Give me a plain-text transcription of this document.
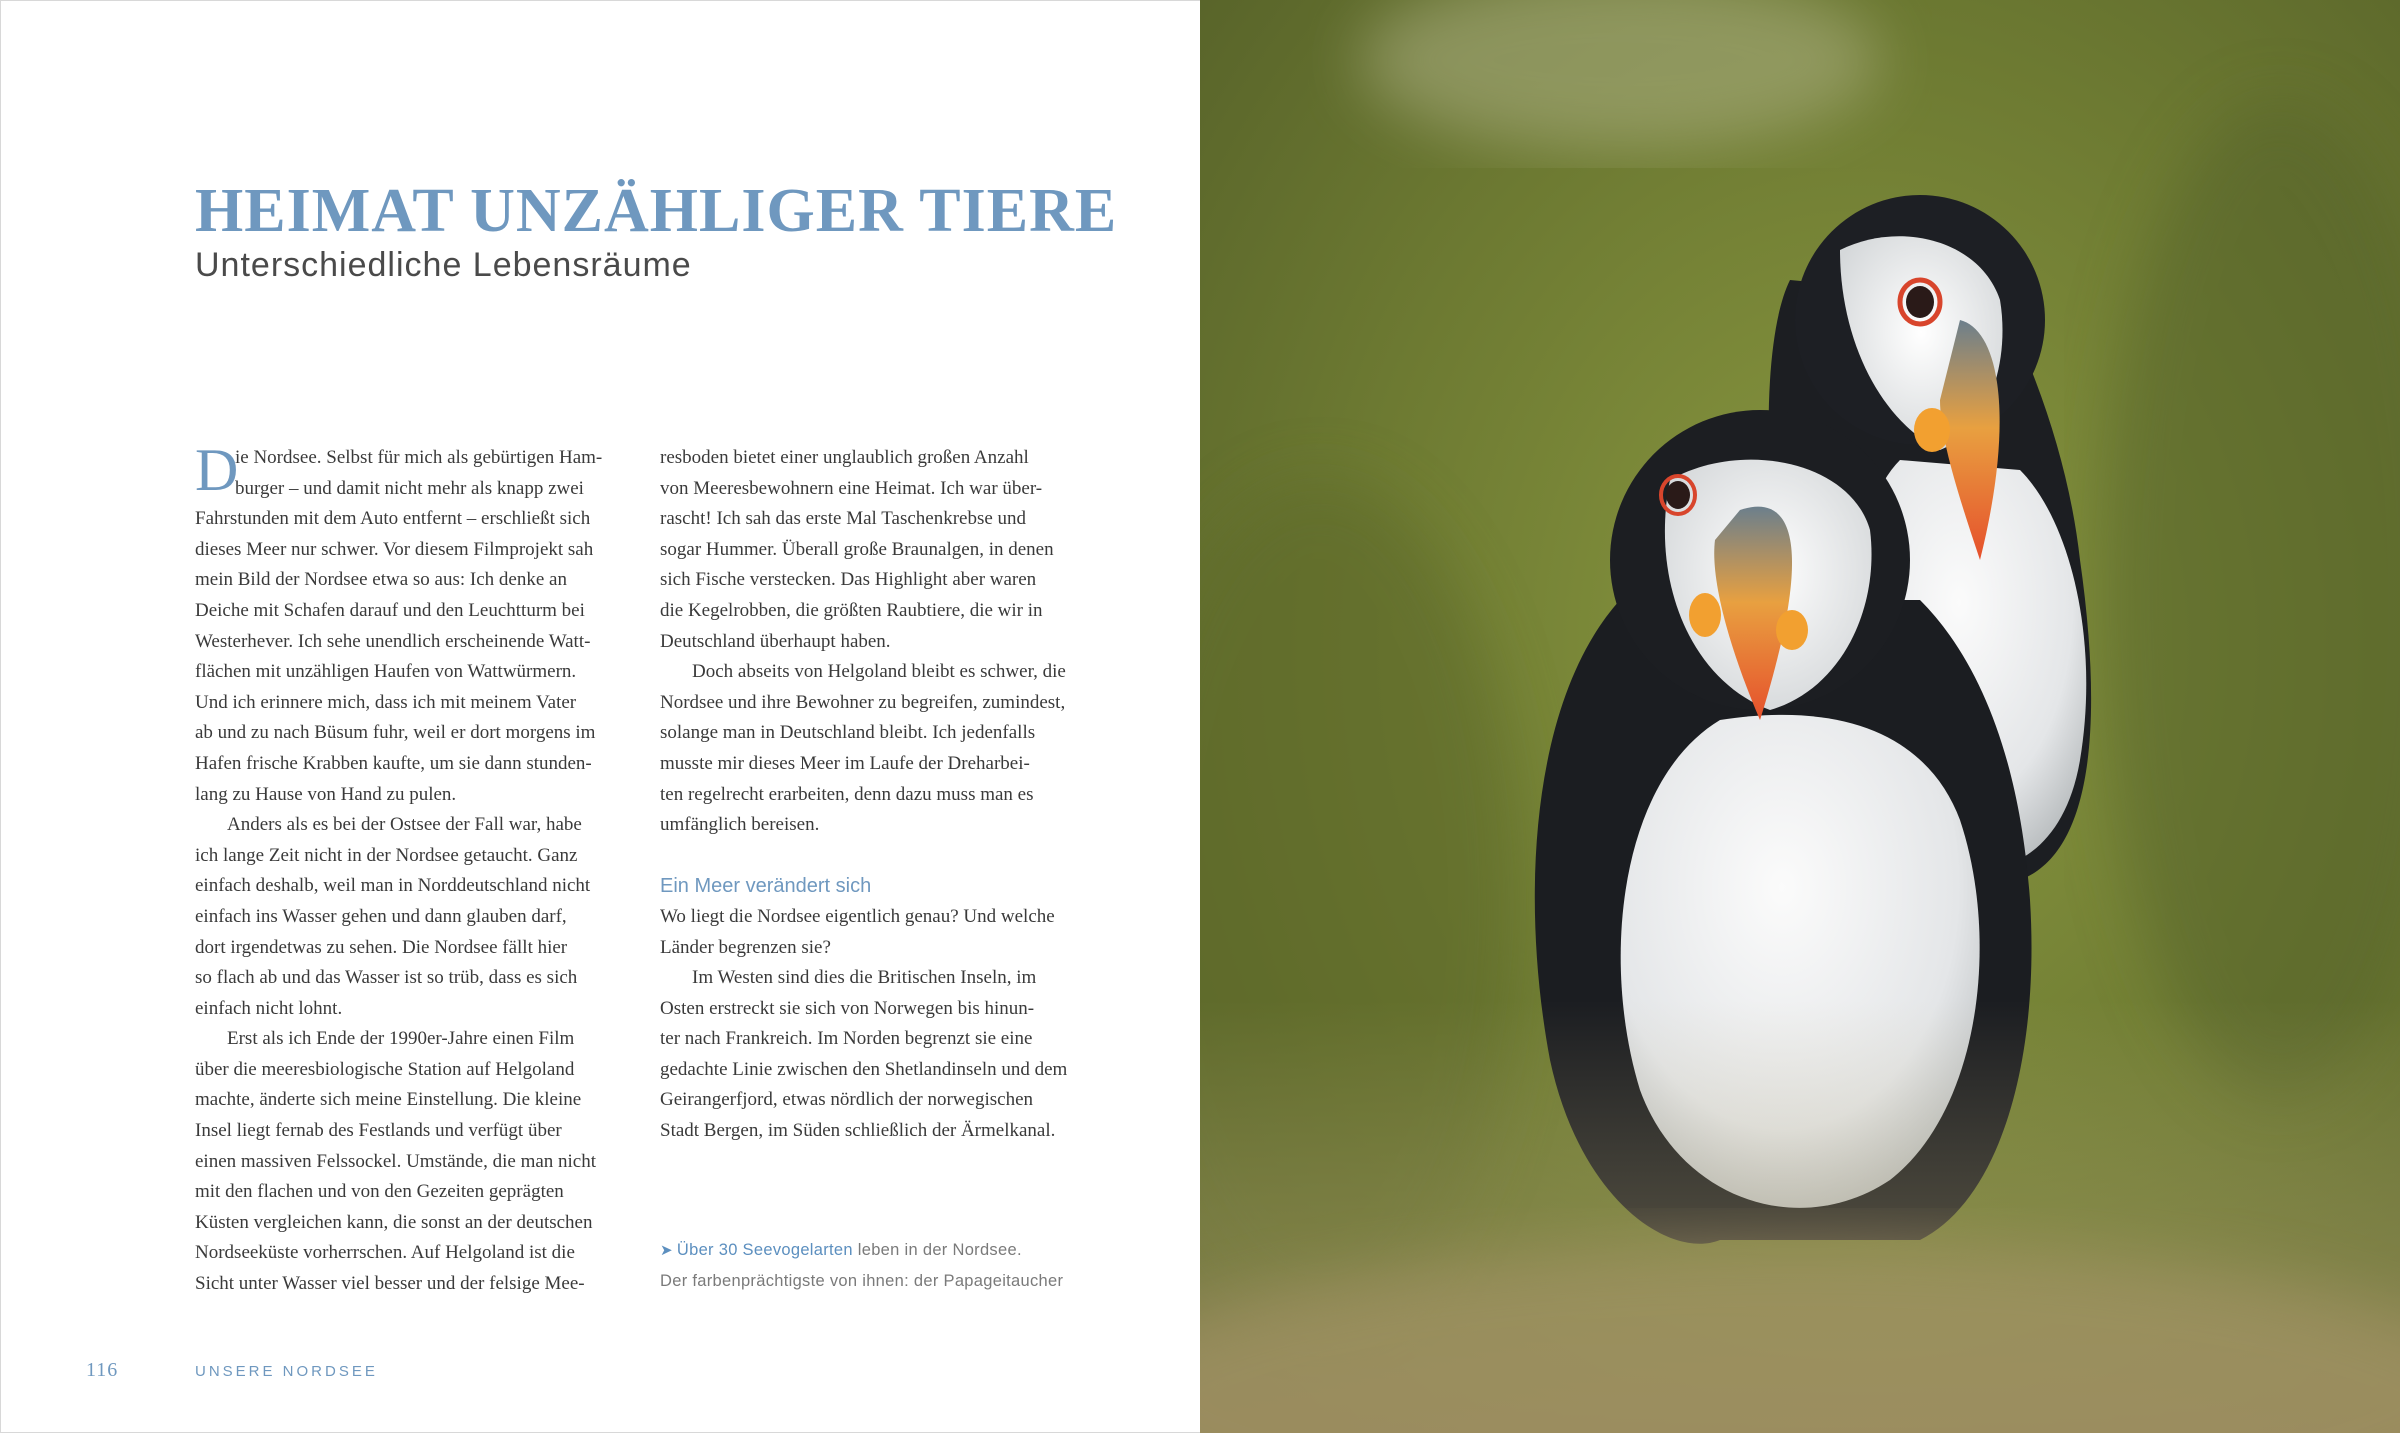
HEIMAT UNZÄHLIGER TIERE
Unterschiedliche Lebensräume
D
ie Nordsee. Selbst für mich als gebürtigen Ham-
burger – und damit nicht mehr als knapp zwei
Fahrstunden mit dem Auto entfernt – erschließt sich
dieses Meer nur schwer. Vor diesem Filmprojekt sah
mein Bild der Nordsee etwa so aus: Ich denke an
Deiche mit Schafen darauf und den Leuchtturm bei
Westerhever. Ich sehe unendlich erscheinende Watt-
flächen mit unzähligen Haufen von Wattwürmern.
Und ich erinnere mich, dass ich mit meinem Vater
ab und zu nach Büsum fuhr, weil er dort morgens im
Hafen frische Krabben kaufte, um sie dann stunden-
lang zu Hause von Hand zu pulen.
Anders als es bei der Ostsee der Fall war, habe
ich lange Zeit nicht in der Nordsee getaucht. Ganz
einfach deshalb, weil man in Norddeutschland nicht
einfach ins Wasser gehen und dann glauben darf,
dort irgendetwas zu sehen. Die Nordsee fällt hier
so flach ab und das Wasser ist so trüb, dass es sich
einfach nicht lohnt.
Erst als ich Ende der 1990er-Jahre einen Film
über die meeresbiologische Station auf Helgoland
machte, änderte sich meine Einstellung. Die kleine
Insel liegt fernab des Festlands und verfügt über
einen massiven Felssockel. Umstände, die man nicht
mit den flachen und von den Gezeiten geprägten
Küsten vergleichen kann, die sonst an der deutschen
Nordseeküste vorherrschen. Auf Helgoland ist die
Sicht unter Wasser viel besser und der felsige Mee-
resboden bietet einer unglaublich großen Anzahl
von Meeresbewohnern eine Heimat. Ich war über-
rascht! Ich sah das erste Mal Taschenkrebse und
sogar Hummer. Überall große Braunalgen, in denen
sich Fische verstecken. Das Highlight aber waren
die Kegelrobben, die größten Raubtiere, die wir in
Deutschland überhaupt haben.
Doch abseits von Helgoland bleibt es schwer, die
Nordsee und ihre Bewohner zu begreifen, zumindest,
solange man in Deutschland bleibt. Ich jedenfalls
musste mir dieses Meer im Laufe der Dreharbei-
ten regelrecht erarbeiten, denn dazu muss man es
umfänglich bereisen.
Ein Meer verändert sich
Wo liegt die Nordsee eigentlich genau? Und welche
Länder begrenzen sie?
Im Westen sind dies die Britischen Inseln, im
Osten erstreckt sie sich von Norwegen bis hinun-
ter nach Frankreich. Im Norden begrenzt sie eine
gedachte Linie zwischen den Shetlandinseln und dem
Geirangerfjord, etwas nördlich der norwegischen
Stadt Bergen, im Süden schließlich der Ärmelkanal.
➤ Über 30 Seevogelarten leben in der Nordsee.
Der farbenprächtigste von ihnen: der Papageitaucher
116	UNSERE NORDSEE
